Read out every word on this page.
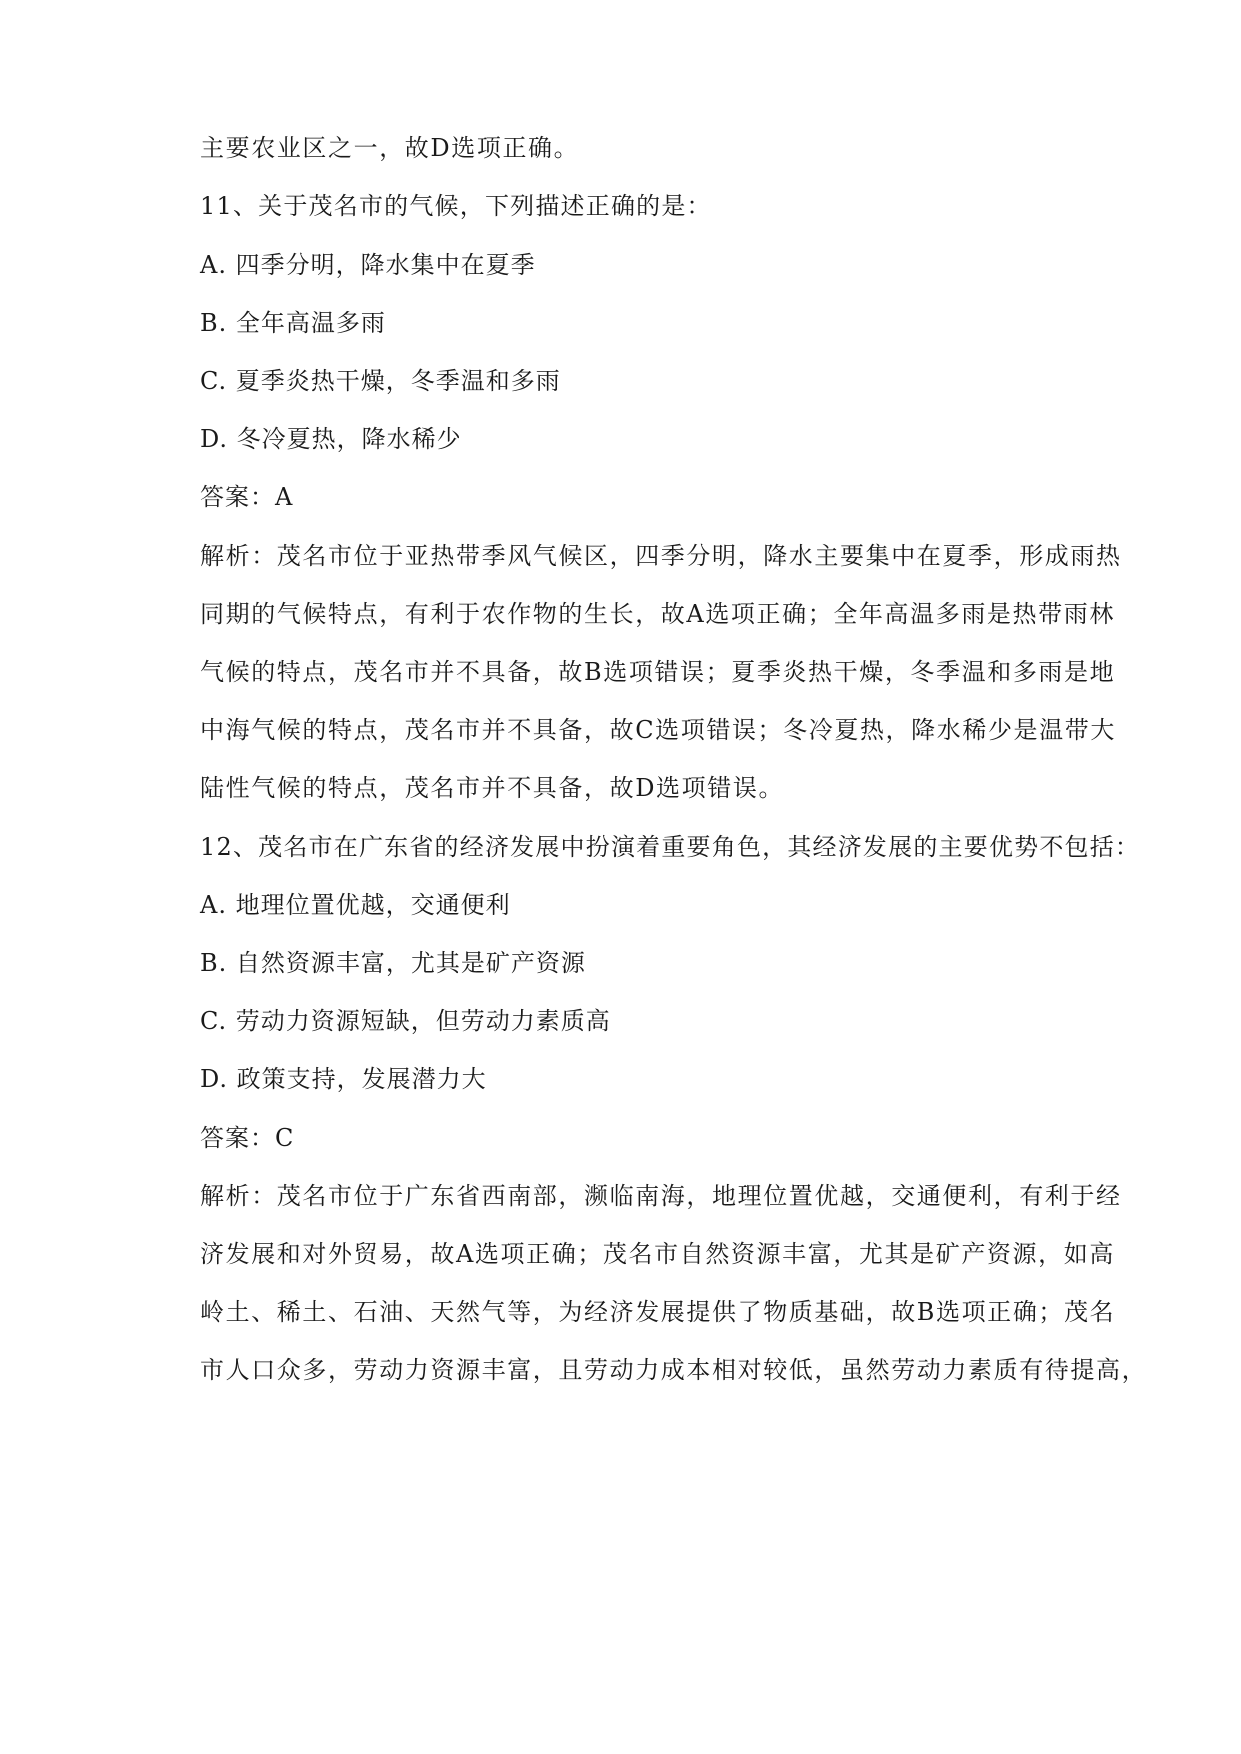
主要农业区之一，故D选项正确。
11、关于茂名市的气候，下列描述正确的是：
A. 四季分明，降水集中在夏季
B. 全年高温多雨
C. 夏季炎热干燥，冬季温和多雨
D. 冬冷夏热，降水稀少
答案：A
解析：茂名市位于亚热带季风气候区，四季分明，降水主要集中在夏季，形成雨热
同期的气候特点，有利于农作物的生长，故A选项正确；全年高温多雨是热带雨林
气候的特点，茂名市并不具备，故B选项错误；夏季炎热干燥，冬季温和多雨是地
中海气候的特点，茂名市并不具备，故C选项错误；冬冷夏热，降水稀少是温带大
陆性气候的特点，茂名市并不具备，故D选项错误。
12、茂名市在广东省的经济发展中扮演着重要角色，其经济发展的主要优势不包括：
A. 地理位置优越，交通便利
B. 自然资源丰富，尤其是矿产资源
C. 劳动力资源短缺，但劳动力素质高
D. 政策支持，发展潜力大
答案：C
解析：茂名市位于广东省西南部，濒临南海，地理位置优越，交通便利，有利于经
济发展和对外贸易，故A选项正确；茂名市自然资源丰富，尤其是矿产资源，如高
岭土、稀土、石油、天然气等，为经济发展提供了物质基础，故B选项正确；茂名
市人口众多，劳动力资源丰富，且劳动力成本相对较低，虽然劳动力素质有待提高，
